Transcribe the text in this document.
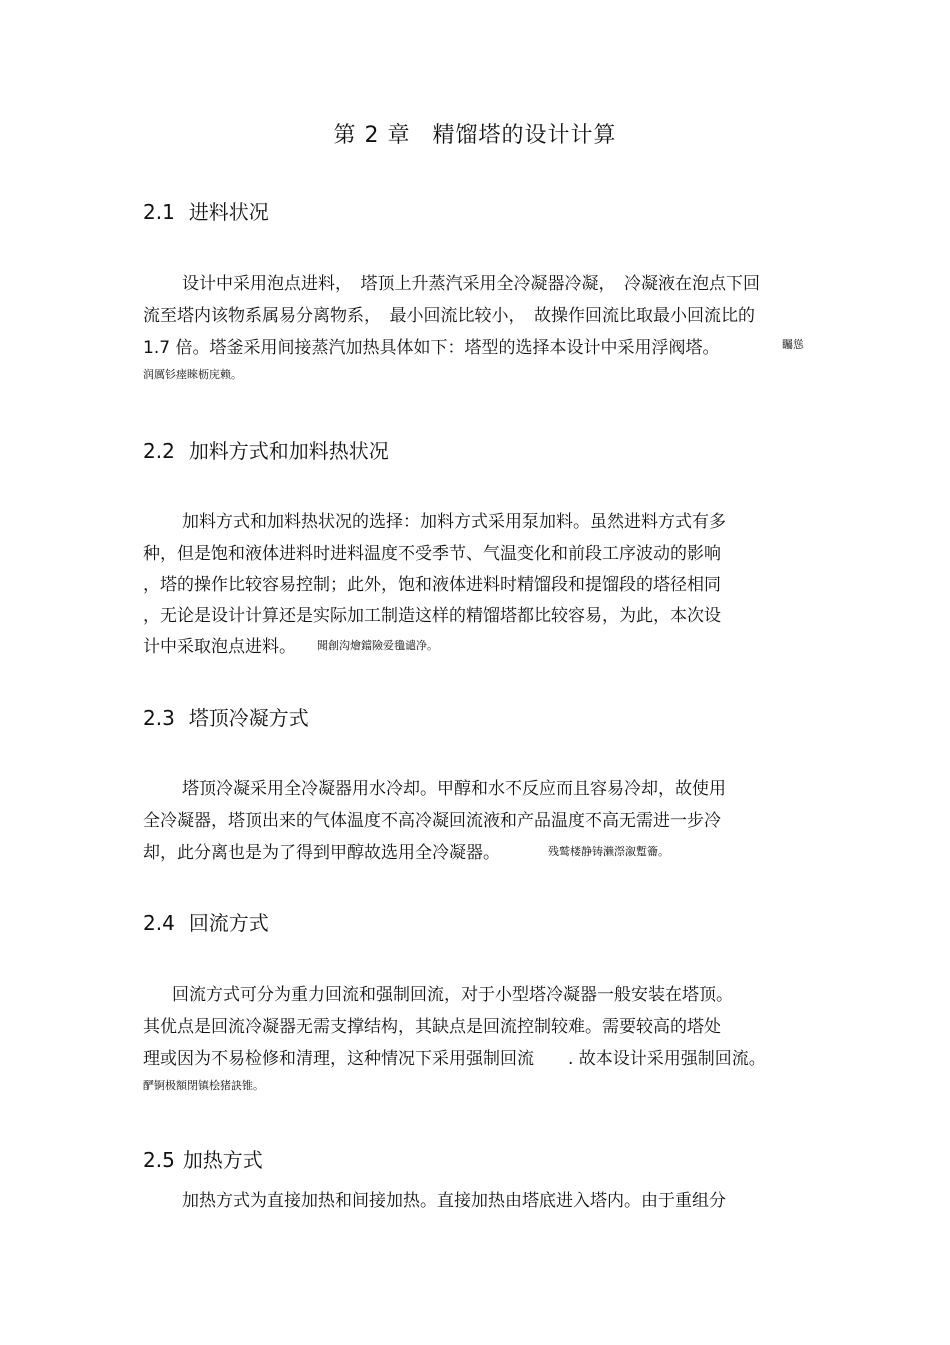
第 2 章 精馏塔的设计计算
2.1 进料状况
设计中采用泡点进料，　塔顶上升蒸汽采用全冷凝器冷凝，　冷凝液在泡点下回
流至塔内该物系属易分离物系，　最小回流比较小，　故操作回流比取最小回流比的
1.7 倍。塔釜采用间接蒸汽加热具体如下：塔型的选择本设计中采用浮阀塔。	矚慫
润厲钐瘗睞枥庑赖。
2.2 加料方式和加料热状况
加料方式和加料热状况的选择：加料方式采用泵加料。虽然进料方式有多
种，但是饱和液体进料时进料温度不受季节、气温变化和前段工序波动的影响
，塔的操作比较容易控制；此外，饱和液体进料时精馏段和提馏段的塔径相同
，无论是设计计算还是实际加工制造这样的精馏塔都比较容易，为此，本次设
计中采取泡点进料。 聞創沟燴鐺險爱氇谴净。
2.3 塔顶冷凝方式
塔顶冷凝采用全冷凝器用水冷却。甲醇和水不反应而且容易冷却，故使用
全冷凝器，塔顶出来的气体温度不高冷凝回流液和产品温度不高无需进一步冷
却，此分离也是为了得到甲醇故选用全冷凝器。	残鹫楼静铸濑漈溆蹔籥。
2.4 回流方式
回流方式可分为重力回流和强制回流，对于小型塔冷凝器一般安装在塔顶。
其优点是回流冷凝器无需支撑结构，其缺点是回流控制较难。需要较高的塔处
理或因为不易检修和清理，这种情况下采用强制回流　　. 故本设计采用强制回流。
酽锕极額閉镇桧猪訣锥。
2.5 加热方式
加热方式为直接加热和间接加热。直接加热由塔底进入塔内。由于重组分
